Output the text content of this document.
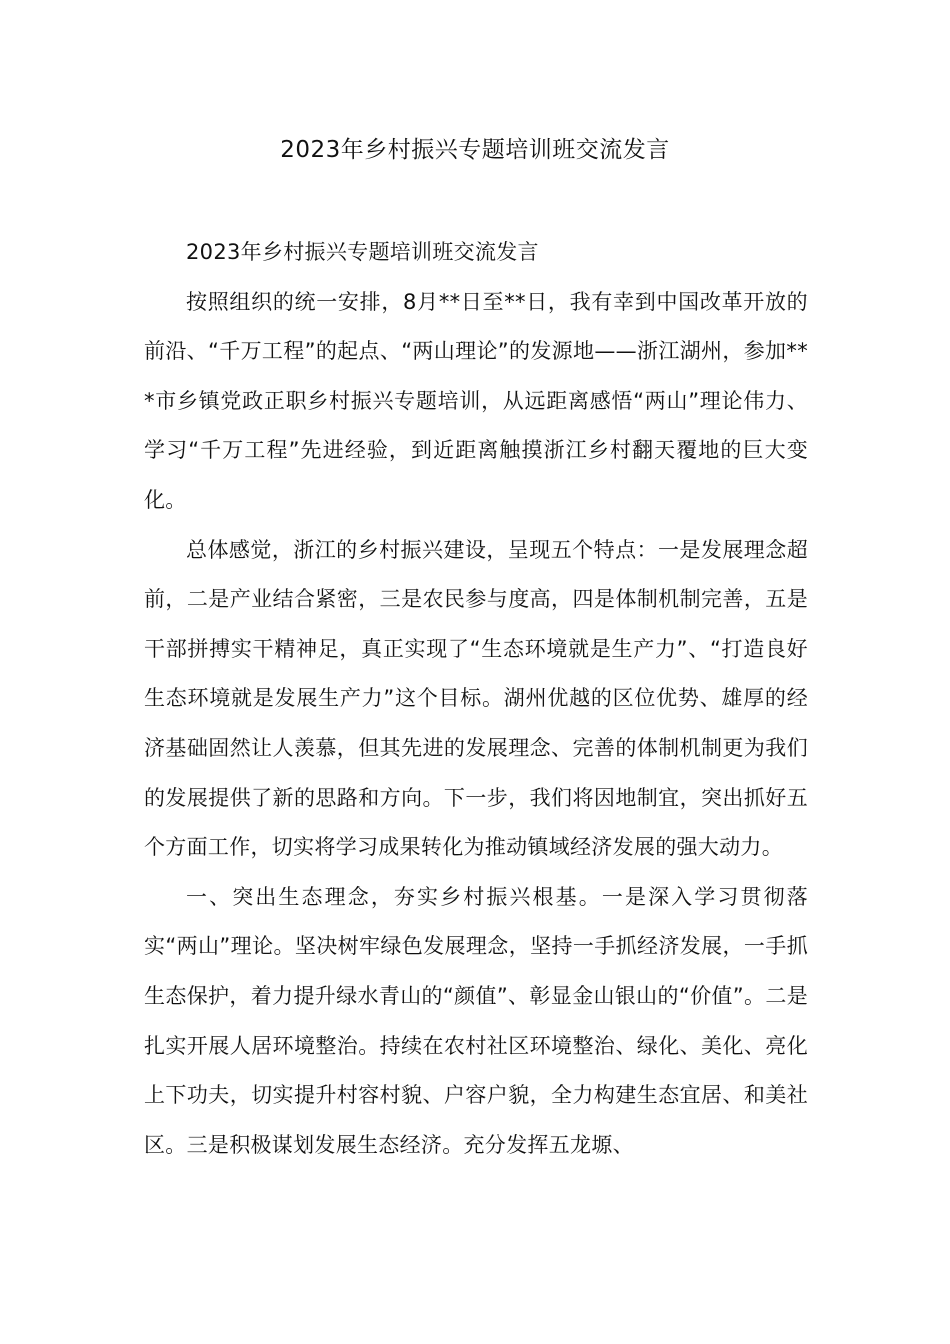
2023年乡村振兴专题培训班交流发言

2023年乡村振兴专题培训班交流发言

按照组织的统一安排，8月**日至**日，我有幸到中国改革开放的前沿、“千万工程”的起点、“两山理论”的发源地——浙江湖州，参加***市乡镇党政正职乡村振兴专题培训，从远距离感悟“两山”理论伟力、学习“千万工程”先进经验，到近距离触摸浙江乡村翻天覆地的巨大变化。

总体感觉，浙江的乡村振兴建设，呈现五个特点：一是发展理念超前，二是产业结合紧密，三是农民参与度高，四是体制机制完善，五是干部拼搏实干精神足，真正实现了“生态环境就是生产力”、“打造良好生态环境就是发展生产力”这个目标。湖州优越的区位优势、雄厚的经济基础固然让人羡慕，但其先进的发展理念、完善的体制机制更为我们的发展提供了新的思路和方向。下一步，我们将因地制宜，突出抓好五个方面工作，切实将学习成果转化为推动镇域经济发展的强大动力。

一、突出生态理念，夯实乡村振兴根基。一是深入学习贯彻落实“两山”理论。坚决树牢绿色发展理念，坚持一手抓经济发展，一手抓生态保护，着力提升绿水青山的“颜值”、彰显金山银山的“价值”。二是扎实开展人居环境整治。持续在农村社区环境整治、绿化、美化、亮化上下功夫，切实提升村容村貌、户容户貌，全力构建生态宜居、和美社区。三是积极谋划发展生态经济。充分发挥五龙塬、
